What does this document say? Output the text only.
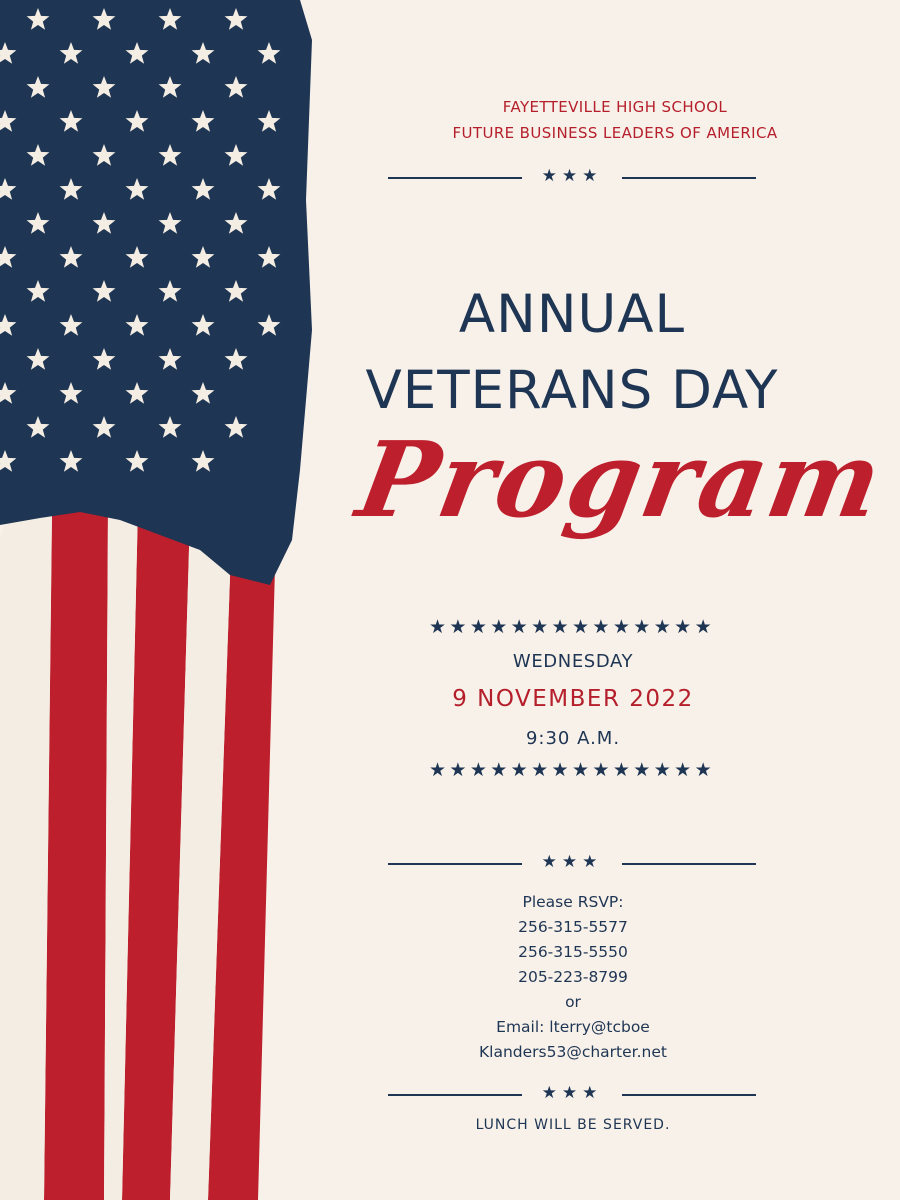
FAYETTEVILLE HIGH SCHOOL
FUTURE BUSINESS LEADERS OF AMERICA
★★★
ANNUAL
VETERANS DAY
Program
★★★★★★★★★★★★★★
WEDNESDAY
9 NOVEMBER 2022
9:30 A.M.
★★★★★★★★★★★★★★
★★★
Please RSVP:
256-315-5577
256-315-5550
205-223-8799
or
Email: lterry@tcboe
Klanders53@charter.net
★★★
LUNCH WILL BE SERVED.
